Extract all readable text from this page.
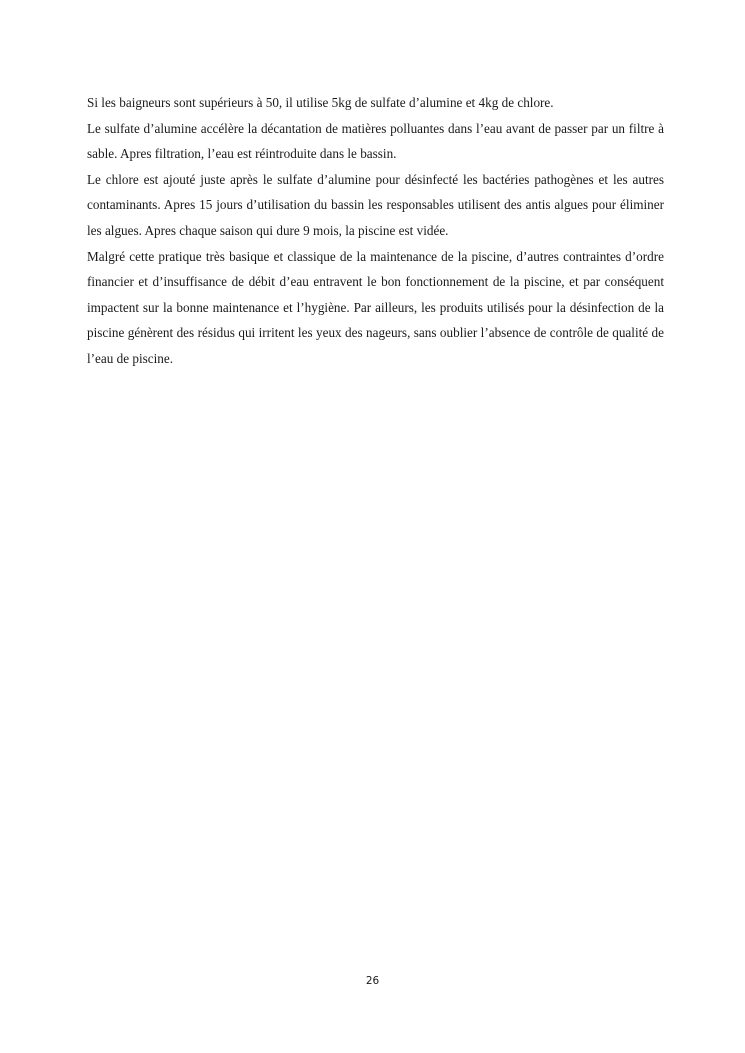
Si les baigneurs sont supérieurs à 50, il utilise 5kg de sulfate d’alumine et 4kg de chlore.

Le sulfate d’alumine accélère la décantation de matières polluantes dans l’eau avant de passer par un filtre à sable. Apres filtration, l’eau est réintroduite dans le bassin.

Le chlore est ajouté juste après le sulfate d’alumine pour désinfecté les bactéries pathogènes et les autres contaminants. Apres 15 jours d’utilisation du bassin les responsables utilisent des antis algues pour éliminer les algues. Apres chaque saison qui dure 9 mois, la piscine est vidée.

Malgré cette pratique très basique et classique de la maintenance de la piscine, d’autres contraintes d’ordre financier et d’insuffisance de débit d’eau entravent le bon fonctionnement de la piscine, et par conséquent impactent sur la bonne maintenance et l’hygiène. Par ailleurs, les produits utilisés pour la désinfection de la piscine génèrent des résidus qui irritent les yeux des nageurs, sans oublier l’absence de contrôle de qualité de l’eau de piscine.

26
